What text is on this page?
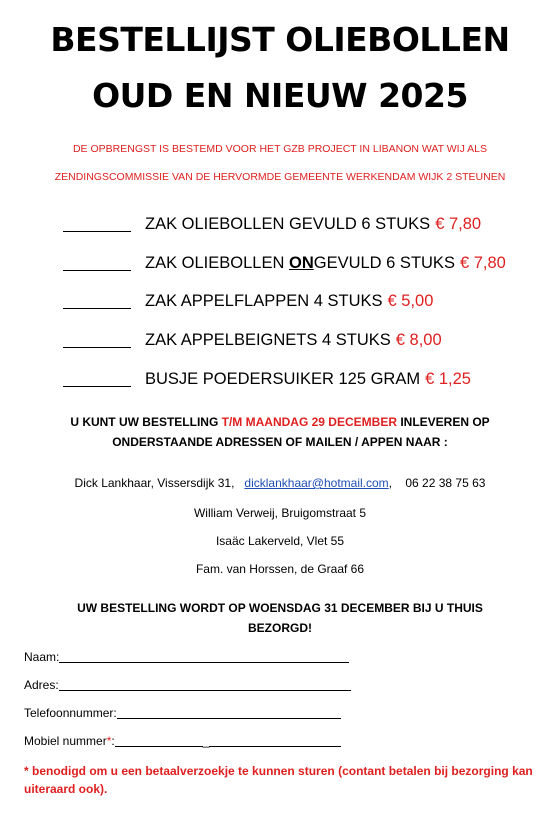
BESTELLIJST OLIEBOLLEN
OUD EN NIEUW 2025
DE OPBRENGST IS BESTEMD VOOR HET GZB PROJECT IN LIBANON WAT WIJ ALS
ZENDINGSCOMMISSIE VAN DE HERVORMDE GEMEENTE WERKENDAM WIJK 2 STEUNEN
ZAK OLIEBOLLEN GEVULD 6 STUKS € 7,80
ZAK OLIEBOLLEN ONGEVULD 6 STUKS € 7,80
ZAK APPELFLAPPEN 4 STUKS € 5,00
ZAK APPELBEIGNETS 4 STUKS € 8,00
BUSJE POEDERSUIKER 125 GRAM € 1,25
U KUNT UW BESTELLING T/M MAANDAG 29 DECEMBER INLEVEREN OP
ONDERSTAANDE ADRESSEN OF MAILEN / APPEN NAAR :
Dick Lankhaar, Vissersdijk 31, dicklankhaar@hotmail.com, 06 22 38 75 63
William Verweij, Bruigomstraat 5
Isaäc Lakerveld, Vlet 55
Fam. van Horssen, de Graaf 66
UW BESTELLING WORDT OP WOENSDAG 31 DECEMBER BIJ U THUIS
BEZORGD!
Naam:
Adres:
Telefoonnummer:
Mobiel nummer * :	_
* benodigd om u een betaalverzoekje te kunnen sturen (contant betalen bij bezorging kan uiteraard ook).
